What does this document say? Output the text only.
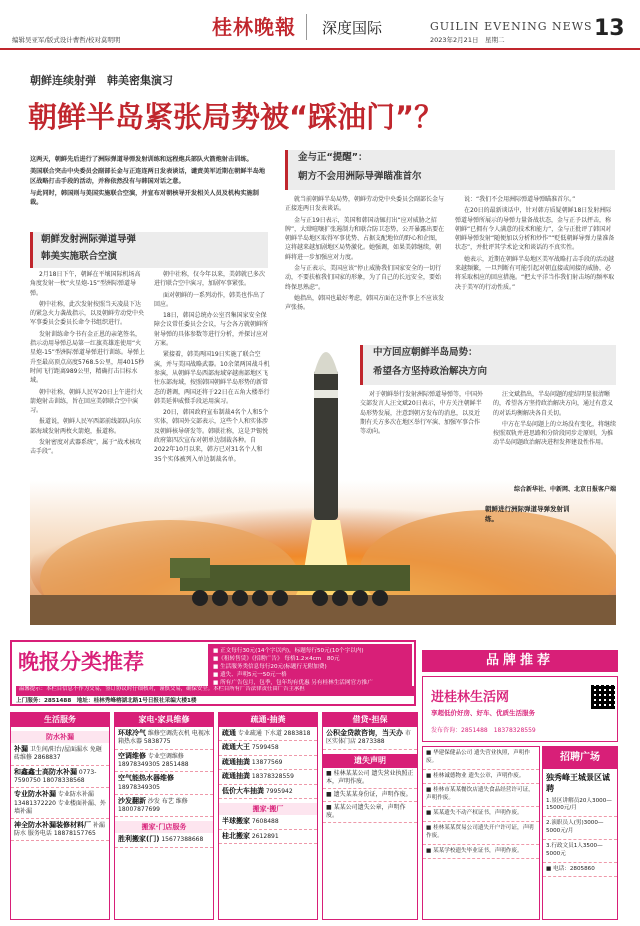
编辑吴亚军/版式设计曹哲/校对莫明明
桂林晚報 深度国际	GUILIN EVENING NEWS
2023年2月21日　星期二	13
朝鲜连续射弹　韩美密集演习
朝鲜半岛紧张局势被“踩油门”？

这两天，朝鲜先后进行了洲际弹道导弹发射训练和远程炮兵部队火箭炮射击训练。

美国联合突击中央委员会副部长金与正连连两日发表谈话，谴责美军近期在朝鲜半岛地区战略打击手段的活动，并称依然没有与韩国对话之意。

与此同时，韩国则与美国实施联合空演，并宣布对朝核导开发相关人员及机构实施制裁。

朝鲜发射洲际弹道导弹
韩美实施联合空演

2月18日下午，朝鲜在平壤国际机场高角度发射一枚“火星炮-15”型洲际弹道导弹。

朝中社称，此次发射按照当天凌晨下达的紧急火力袭战指示，以及朝鲜劳动党中央军事委员会委员长命令书组织进行。

发射训练命令书有金正恩的亲笔签名，指示动用导弹总局第一红旗英雄连使用“火星炮-15”型洲际弹道导弹进行训练。导弹上升至最高顶点高度5768.5公里，用4015秒时间飞行距离989公里，精确打击目标水域。

朝中社称，朝鲜人民军20日上午进行火箭炮射击训练，旨在回应美韩联合空中演习。

报道说，朝鲜人民军西部前线部队向东部海域发射两枚火箭炮，报道称。

发射密度对武器系统”，属于“战术核攻击手段”。

朝中社称，仅今年以来，美韩就已多次进行联合空中演习，加剧军事紧张。

面对朝鲜的一系列动作，韩美也作出了回应。

18日，韩国总统办公室召集国家安全保障会议常任委员会会议，与会各方就朝鲜所射导弹的具体参数等进行分析，并探讨应对方案。

紧接着，韩美两国19日实施了联合空演，并与美国战略武器。10余架两国战斗机参演，从朝鲜半岛西部海域穿越南部地区飞往东部海域，按照韩国朝鲜半岛形势的新常态的谐调，两国还将于22日在五角大楼举行韩美延伸威慑手段运用演习。

20日，韩国政府宣布制裁4名个人和5个实体，韩国外交部表示，这些个人和实体涉及朝鲜核导研发等。韩联社称，这是尹锡悦政府第四次宣布对朝单边制裁各种。自2022年10月以来，韩方已对31名个人和35个实体被列入单边制裁名单。

金与正“提醒”：
朝方不会用洲际导弹瞄准首尔

就当前朝鲜半岛局势，朝鲜劳动党中央委员会副部长金与正接连两日发表谈话。

金与正19日表示，美国和韩国动辄打出“应对威胁之招牌”，大肆喧嚷扩张遏制力和联合防卫态势，公开暴露出要在朝鲜半岛地区取得军事优势、占据支配地位的野心和企图，这将越来越加剧地区局势激化。她强调，如果美韩继续，朝鲜将进一步加强应对力度。

金与正表示，美国应该“停止威胁我们国家安全的一切行动，不要扶植我们国家的形象，为了自己的长远安全，要始终保思熟虑”。

她指出，韩国也最好考虑，韩国方面在这件事上不应该发声张扬。

说：“我们不会用洲际弹道导弹瞄准首尔。”

在20日的最新谈话中，针对韩方质疑朝鲜18日发射洲际弹道导弹所展示的导弹力量备战状态，金与正予以抨击，称朝鲜“已拥有令人满意的技术和能力”，金与正批评了韩国对朝鲜导弹发射“随便加以分析和炒作”“贬低朝鲜导弹力量准备状态”，并批评其学术论文和谈话的不真实性。

她表示，近期在朝鲜半岛地区美军战略打击手段的活动越来越频繁，一旦判断有可能引起对朝直接或间接的威胁，必将采取相应的回应措施。“把太平洋当作我们射击场的频率取决于美军的行动性质。”

中方回应朝鲜半岛局势：
希望各方坚持政治解决方向

对于朝鲜举行发射洲际弹道导弹等，中国外交部发言人汪文斌20日表示，中方关注朝鲜半岛形势发展，注意到朝方发布的消息，以及近期有关方多次在地区举行军演、加强军事合作等动向。

汪文斌指出，半岛问题的症结明显很清晰的，希望各方坚持政治解决方向，通过有意义的对话均衡解决各自关切。

中方在半岛问题上的立场没有变化，将继续按照双轨并进思路和分阶段同步走原则，为推动半岛问题政治解决进程发挥建设性作用。

综合新华社、中新网、北京日报客户端
朝鲜进行洲际弹道导弹发射训练。
晚报分类推荐	■ 正文每行30元(14个字以内)，标题每行50元(10个字以内)
■《租转售赁》《招聘广告》 每格1.2×4cm　80元
■ 生活服务类信息每行20元(标题行无附加费)
■ 遗失、声明5元一50元一格
■ 所有广告包月，包季，包年均有优惠 另有桂林生活网官方推广
温馨提示：本栏目信息不作为交易，签订协议时仔细核对，谨慎交易，确保安全。本栏目所有广告法律责任由广告主承担
上门服务：2851488　地址：桂林秀峰榕湖北路1号日报社采编大楼1楼
品牌推荐
进桂林生活网
享超低价好房、好车、优质生活服务
发布咨询：2851488　18378328559
生活服务
防水补漏
补漏 卫生间/阳台/屋面漏水 免砸砖维修 2868837
和鑫鑫士高防水补漏 0773-7590750 18078338568
专业防水补漏 专业防水补漏13481372220 专业楼面补漏、外墙补漏
神全防水补漏装修材料厂 补漏防水 服务电话 18878157765
家电·家具维修
环球冷气 维修空调洗衣机 电视冰箱热水器 5838775
空调维修 专业空调维修 18978349305 2851488
空气能热水器维修 18978349305
沙发翻新 沙发 布艺 维修 18007877699
搬家·门店服务
胜利搬家(门) 15677388668
疏通·抽粪
疏通 专业疏通 下水道 2883818
疏通大王 7599458
疏通抽粪 13877569
疏通抽粪 18378328559
低价大车抽粪 7995942
搬家·搬厂
半球搬家 7608488
桂北搬家 2612891
借贷·担保
公积金贷款咨询，当天办 市区实体门店 2873388
遗失声明
■ 桂林某某公司 遗失营业执照正本，声明作废。
■ 遗失某某身份证，声明作废。
■ 某某公司遗失公章，声明作废。
■ 华建保健品公司 遗失营业执照，声明作废。
■ 桂林诚德物业 遗失公章，声明作废。
■ 桂林市某某餐饮店遗失食品经营许可证，声明作废。
■ 某某遗失不动产权证书，声明作废。
■ 桂林某某贸易公司遗失开户许可证，声明作废。
■ 某某学校遗失毕业证书，声明作废。
招聘广场
独秀峰王城景区诚聘
1.景区讲解员20人3000—15000元/月
2.演职员人(男)3000—5000元/月
3.行政文员1人3500—5000元
■ 电话：2805860
